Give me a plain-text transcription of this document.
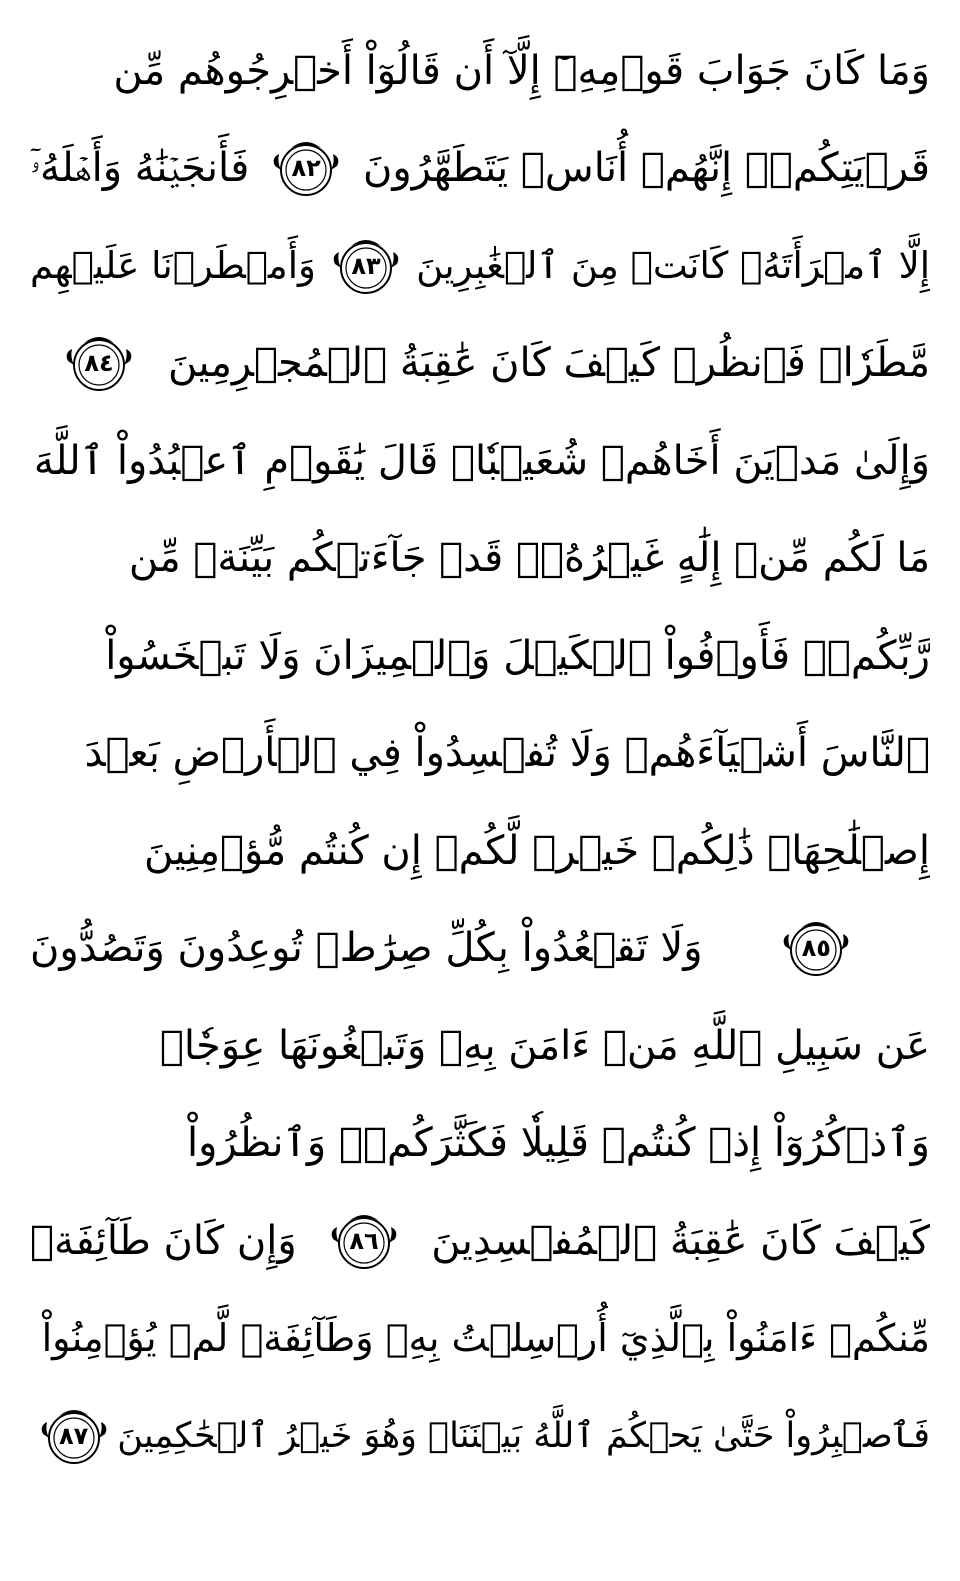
وَمَا كَانَ جَوَابَ قَوۡمِهِۦٓ إِلَّآ أَن قَالُوٓاْ أَخۡرِجُوهُم مِّن
قَرۡيَتِكُمۡۖ إِنَّهُمۡ أُنَاسٞ يَتَطَهَّرُونَ
٨٢
فَأَنجَيۡنَٰهُ وَأَهۡلَهُۥٓ
إِلَّا ٱمۡرَأَتَهُۥ كَانَتۡ مِنَ ٱلۡغَٰبِرِينَ
٨٣
وَأَمۡطَرۡنَا عَلَيۡهِم
مَّطَرٗاۖ فَٱنظُرۡ كَيۡفَ كَانَ عَٰقِبَةُ ٱلۡمُجۡرِمِينَ
٨٤
وَإِلَىٰ مَدۡيَنَ أَخَاهُمۡ شُعَيۡبٗاۚ قَالَ يَٰقَوۡمِ ٱعۡبُدُواْ ٱللَّهَ
مَا لَكُم مِّنۡ إِلَٰهٍ غَيۡرُهُۥۖ قَدۡ جَآءَتۡكُم بَيِّنَةٞ مِّن
رَّبِّكُمۡۖ فَأَوۡفُواْ ٱلۡكَيۡلَ وَٱلۡمِيزَانَ وَلَا تَبۡخَسُواْ
ٱلنَّاسَ أَشۡيَآءَهُمۡ وَلَا تُفۡسِدُواْ فِي ٱلۡأَرۡضِ بَعۡدَ
إِصۡلَٰحِهَاۚ ذَٰلِكُمۡ خَيۡرٞ لَّكُمۡ إِن كُنتُم مُّؤۡمِنِينَ
٨٥
وَلَا تَقۡعُدُواْ بِكُلِّ صِرَٰطٖ تُوعِدُونَ وَتَصُدُّونَ
عَن سَبِيلِ ٱللَّهِ مَنۡ ءَامَنَ بِهِۦ وَتَبۡغُونَهَا عِوَجٗاۚ
وَٱذۡكُرُوٓاْ إِذۡ كُنتُمۡ قَلِيلٗا فَكَثَّرَكُمۡۖ وَٱنظُرُواْ
كَيۡفَ كَانَ عَٰقِبَةُ ٱلۡمُفۡسِدِينَ
٨٦
وَإِن كَانَ طَآئِفَةٞ
مِّنكُمۡ ءَامَنُواْ بِٱلَّذِيٓ أُرۡسِلۡتُ بِهِۦ وَطَآئِفَةٞ لَّمۡ يُؤۡمِنُواْ
فَٱصۡبِرُواْ حَتَّىٰ يَحۡكُمَ ٱللَّهُ بَيۡنَنَاۚ وَهُوَ خَيۡرُ ٱلۡحَٰكِمِينَ
٨٧
